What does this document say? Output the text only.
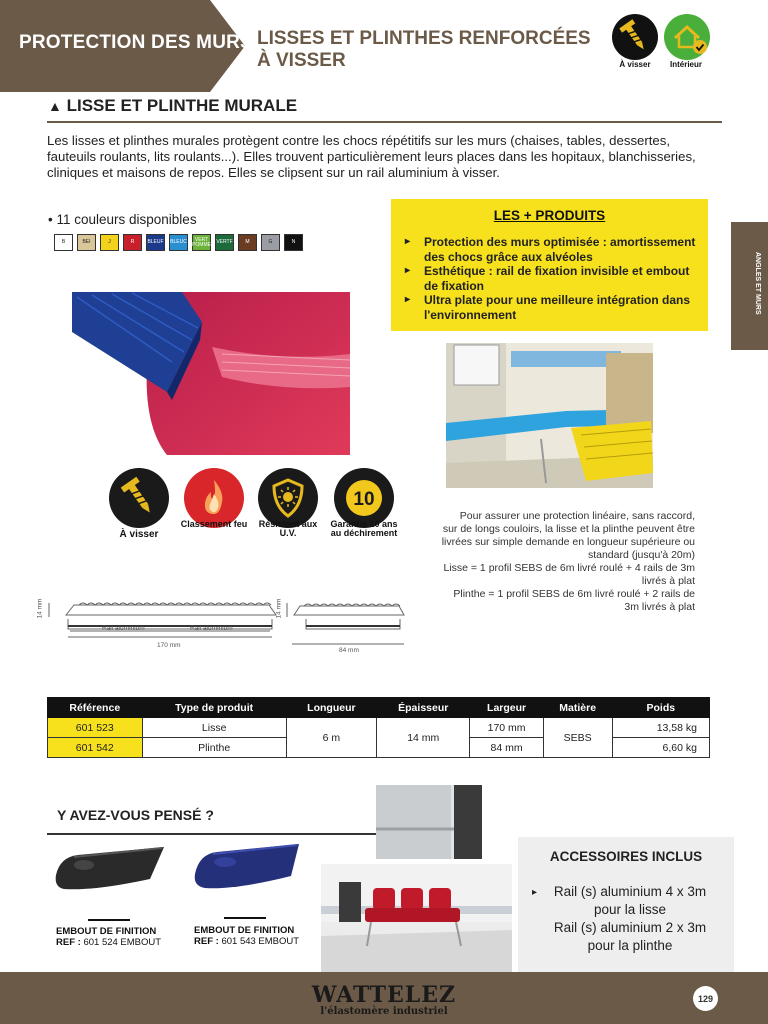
PROTECTION DES MURS LISSES ET PLINTHES RENFORCÉES
À VISSER	À visser	Intérieur
▲ LISSE ET PLINTHE MURALE
Les lisses et plinthes murales protègent contre les chocs répétitifs sur les murs (chaises, tables, dessertes, fauteuils roulants, lits roulants...). Elles trouvent particulièrement leurs places dans les hopitaux, blanchisseries, cliniques et maisons de repos. Elles se clipsent sur un rail aluminium à visser.
• 11 couleurs disponibles
B	BEI	J	R	BLEUF BLEUC	VERT POMME VERTF	M	G	N
LES + PRODUITS
▸ Protection des murs optimisée : amortissement des chocs grâce aux alvéoles
▸ Esthétique : rail de fixation invisible et embout de fixation
▸ Ultra plate pour une meilleure intégration dans l'environnement
À visser
Classement feu	Résistant aux U.V.
10
Garantie 10 ans au déchirement
Pour assurer une protection linéaire, sans raccord,
sur de longs couloirs, la lisse et la plinthe peuvent être
livrées sur simple demande en longueur supérieure ou
standard (jusqu'à 20m)
Lisse = 1 profil SEBS de 6m livré roulé + 4 rails de 3m
livrés à plat
Plinthe = 1 profil SEBS de 6m livré roulé + 2 rails de
3m livrés à plat
Rail aluminium	Rail aluminium
170 mm
14 mm
84 mm
14 mm
Référence	Type de produit	Longueur	Épaisseur	Largeur	Matière	Poids
601 523	Lisse	6 m	14 mm	170 mm	SEBS	13,58 kg
601 542	Plinthe			84 mm		6,60 kg
Y AVEZ-VOUS PENSÉ ?
EMBOUT DE FINITION
REF : 601 524 EMBOUT
EMBOUT DE FINITION
REF : 601 543 EMBOUT
ACCESSOIRES INCLUS
▸	Rail (s) aluminium 4 x 3m
pour la lisse
Rail (s) aluminium 2 x 3m
pour la plinthe
ANGLES ET MURS
WATTELEZ
l'élastomère industriel
129
